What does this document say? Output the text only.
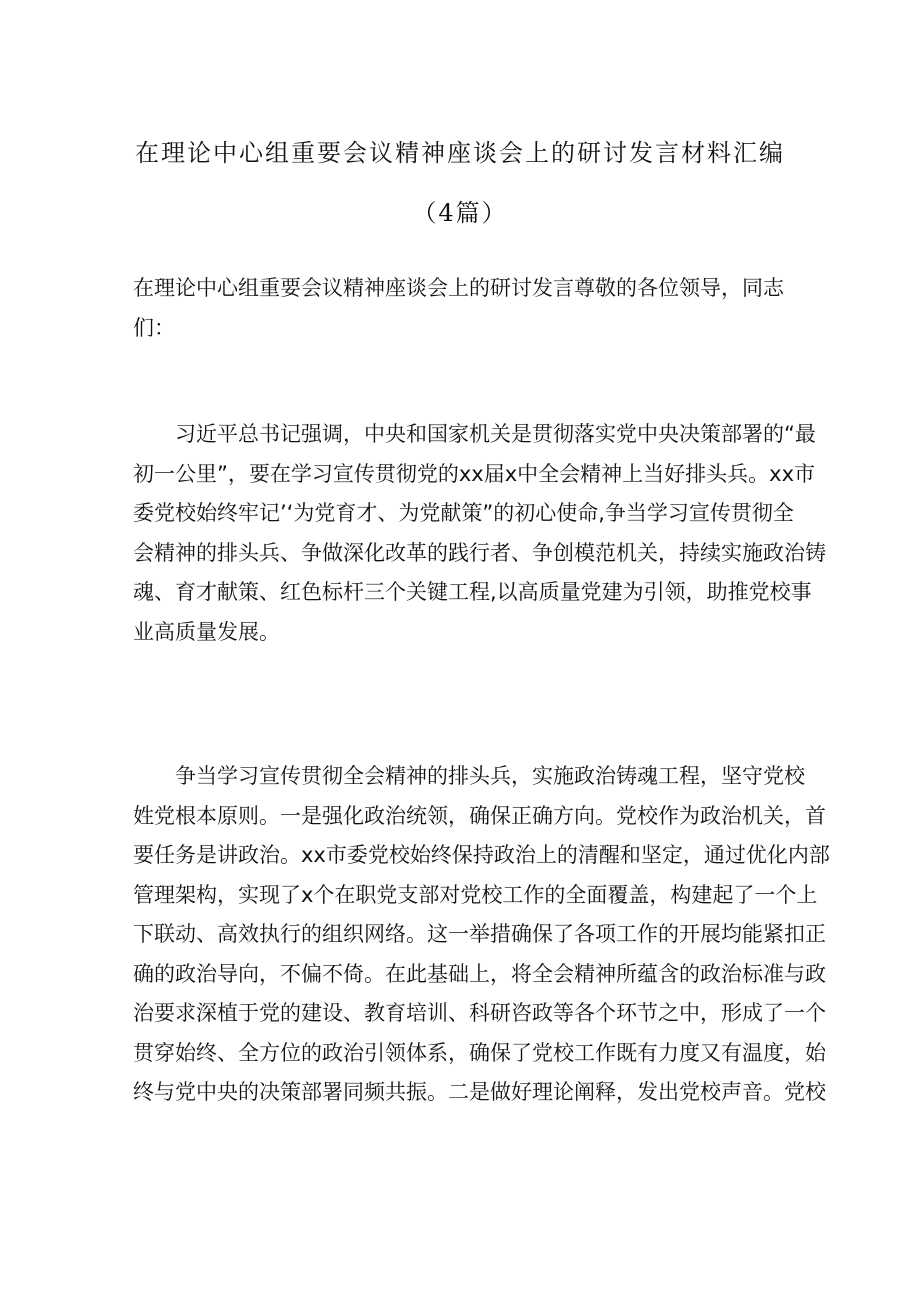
在理论中心组重要会议精神座谈会上的研讨发言材料汇编
（4篇）
在理论中心组重要会议精神座谈会上的研讨发言尊敬的各位领导，同志
们：
　　习近平总书记强调，中央和国家机关是贯彻落实党中央决策部署的“最
初一公里”，要在学习宣传贯彻党的xx届x中全会精神上当好排头兵。xx市
委党校始终牢记’‘为党育才、为党献策”的初心使命,争当学习宣传贯彻全
会精神的排头兵、争做深化改革的践行者、争创模范机关，持续实施政治铸
魂、育才献策、红色标杆三个关键工程,以高质量党建为引领，助推党校事
业高质量发展。
　　争当学习宣传贯彻全会精神的排头兵，实施政治铸魂工程，坚守党校
姓党根本原则。一是强化政治统领，确保正确方向。党校作为政治机关，首
要任务是讲政治。xx市委党校始终保持政治上的清醒和坚定，通过优化内部
管理架构，实现了x个在职党支部对党校工作的全面覆盖，构建起了一个上
下联动、高效执行的组织网络。这一举措确保了各项工作的开展均能紧扣正
确的政治导向，不偏不倚。在此基础上，将全会精神所蕴含的政治标准与政
治要求深植于党的建设、教育培训、科研咨政等各个环节之中，形成了一个
贯穿始终、全方位的政治引领体系，确保了党校工作既有力度又有温度，始
终与党中央的决策部署同频共振。二是做好理论阐释，发出党校声音。党校
